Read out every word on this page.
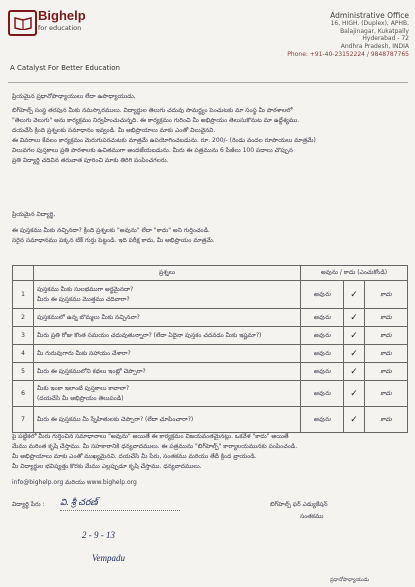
Bighelp
for education
A Catalyst For Better Education
Administrative Office
16, HIGH. (Duplex), APHB,
Balajinagar, Kukatpally
Hyderabad - 72
Andhra Pradesh, INDIA
Phone: +91-40-23152224 / 9848787765
ప్రియమైన ప్రధానోపాధ్యాయులు లేదా ఉపాధ్యాయుడు,
బిగ్‌హెల్ప్ సంస్థ తరపున మీకు నమస్కారములు. విద్యార్థుల తెలుగు చదువు సామర్థ్యం పెంచుటకు మా సంస్థ మీ పాఠశాలలో
"తెలుగు వెలుగు" అను కార్యక్రమం నిర్వహించుచున్నది. ఈ కార్యక్రమం గురించి మీ అభిప్రాయం తెలుసుకొనుట మా ఉద్దేశ్యము.
దయచేసి క్రింది ప్రశ్నలకు సమాధానం ఇవ్వండి. మీ అభిప్రాయాలు మాకు ఎంతో విలువైనవి.
ఈ వివరాలు కేవలం కార్యక్రమం మెరుగుపరచుటకు మాత్రమే ఉపయోగించబడును. రూ. 200/- (రెండు వందల రూపాయలు మాత్రమే)
విలువగల పుస్తకాలు ప్రతి పాఠశాలకు ఉచితముగా అందజేయబడును. మీరు ఈ పత్రమును 6 పేజీలు 100 పదాలు చొప్పున
ప్రతి విద్యార్థి చదివిన తరువాత పూరించి మాకు తిరిగి పంపించగలరు.
ప్రియమైన విద్యార్థి,
ఈ పుస్తకము మీకు నచ్చినదా? క్రింది ప్రశ్నలకు "అవును" లేదా "కాదు" అని గుర్తించండి.
సరైన సమాధానము పక్కన టిక్ గుర్తు పెట్టండి. ఇది పరీక్ష కాదు, మీ అభిప్రాయం మాత్రమే.
	ప్రశ్నలు	అవును / కాదు (ఎంచుకోండి)		
1	పుస్తకము మీకు సులభముగా అర్థమైనదా?
మీరు ఈ పుస్తకము మొత్తము చదివారా?	అవును	✓	కాదు
2	పుస్తకములో ఉన్న బొమ్మలు మీకు నచ్చినవా?	అవును	✓	కాదు
3	మీరు ప్రతి రోజు కొంత సమయం చదువుతున్నారా? (లేదా ఏదైనా పుస్తకం చదవడం మీకు ఇష్టమా?)	అవును	✓	కాదు
4	మీ గురువుగారు మీకు సహాయం చేశారా?	అవును	✓	కాదు
5	మీరు ఈ పుస్తకములోని కథలు ఇంట్లో చెప్పారా?	అవును	✓	కాదు
6	మీకు ఇంకా ఇలాంటి పుస్తకాలు కావాలా?
(దయచేసి మీ అభిప్రాయం తెలుపండి)	అవును	✓	కాదు
7	మీరు ఈ పుస్తకము మీ స్నేహితులకు చెప్పారా? (లేదా చూపించారా?)	అవును	✓	కాదు
పై పట్టికలో మీరు గుర్తించిన సమాధానాలు "అవును" అయితే ఈ కార్యక్రమం విజయవంతమైనట్లు. ఒకవేళ "కాదు" అయితే
మేము మరింత కృషి చేస్తాము. మీ సహకారానికి ధన్యవాదములు. ఈ పత్రమును "బిగ్‌హెల్ప్" కార్యాలయమునకు పంపించండి.
మీ అభిప్రాయాలు మాకు ఎంతో ముఖ్యమైనవి. దయచేసి మీ పేరు, సంతకము మరియు తేదీ క్రింద వ్రాయండి.
మీ విద్యార్థుల భవిష్యత్తు కొరకు మేము ఎల్లప్పుడూ కృషి చేస్తాము. ధన్యవాదములు.
info@bighelp.org మరియు www.bighelp.org
విద్యార్థి పేరు : వి. శ్రీ చరణ్
2 - 9 - 13
Vempadu
బిగ్‌హెల్ప్ ఫర్ ఎడ్యుకేషన్
సంతకము
ప్రధానోపాధ్యాయుడు
